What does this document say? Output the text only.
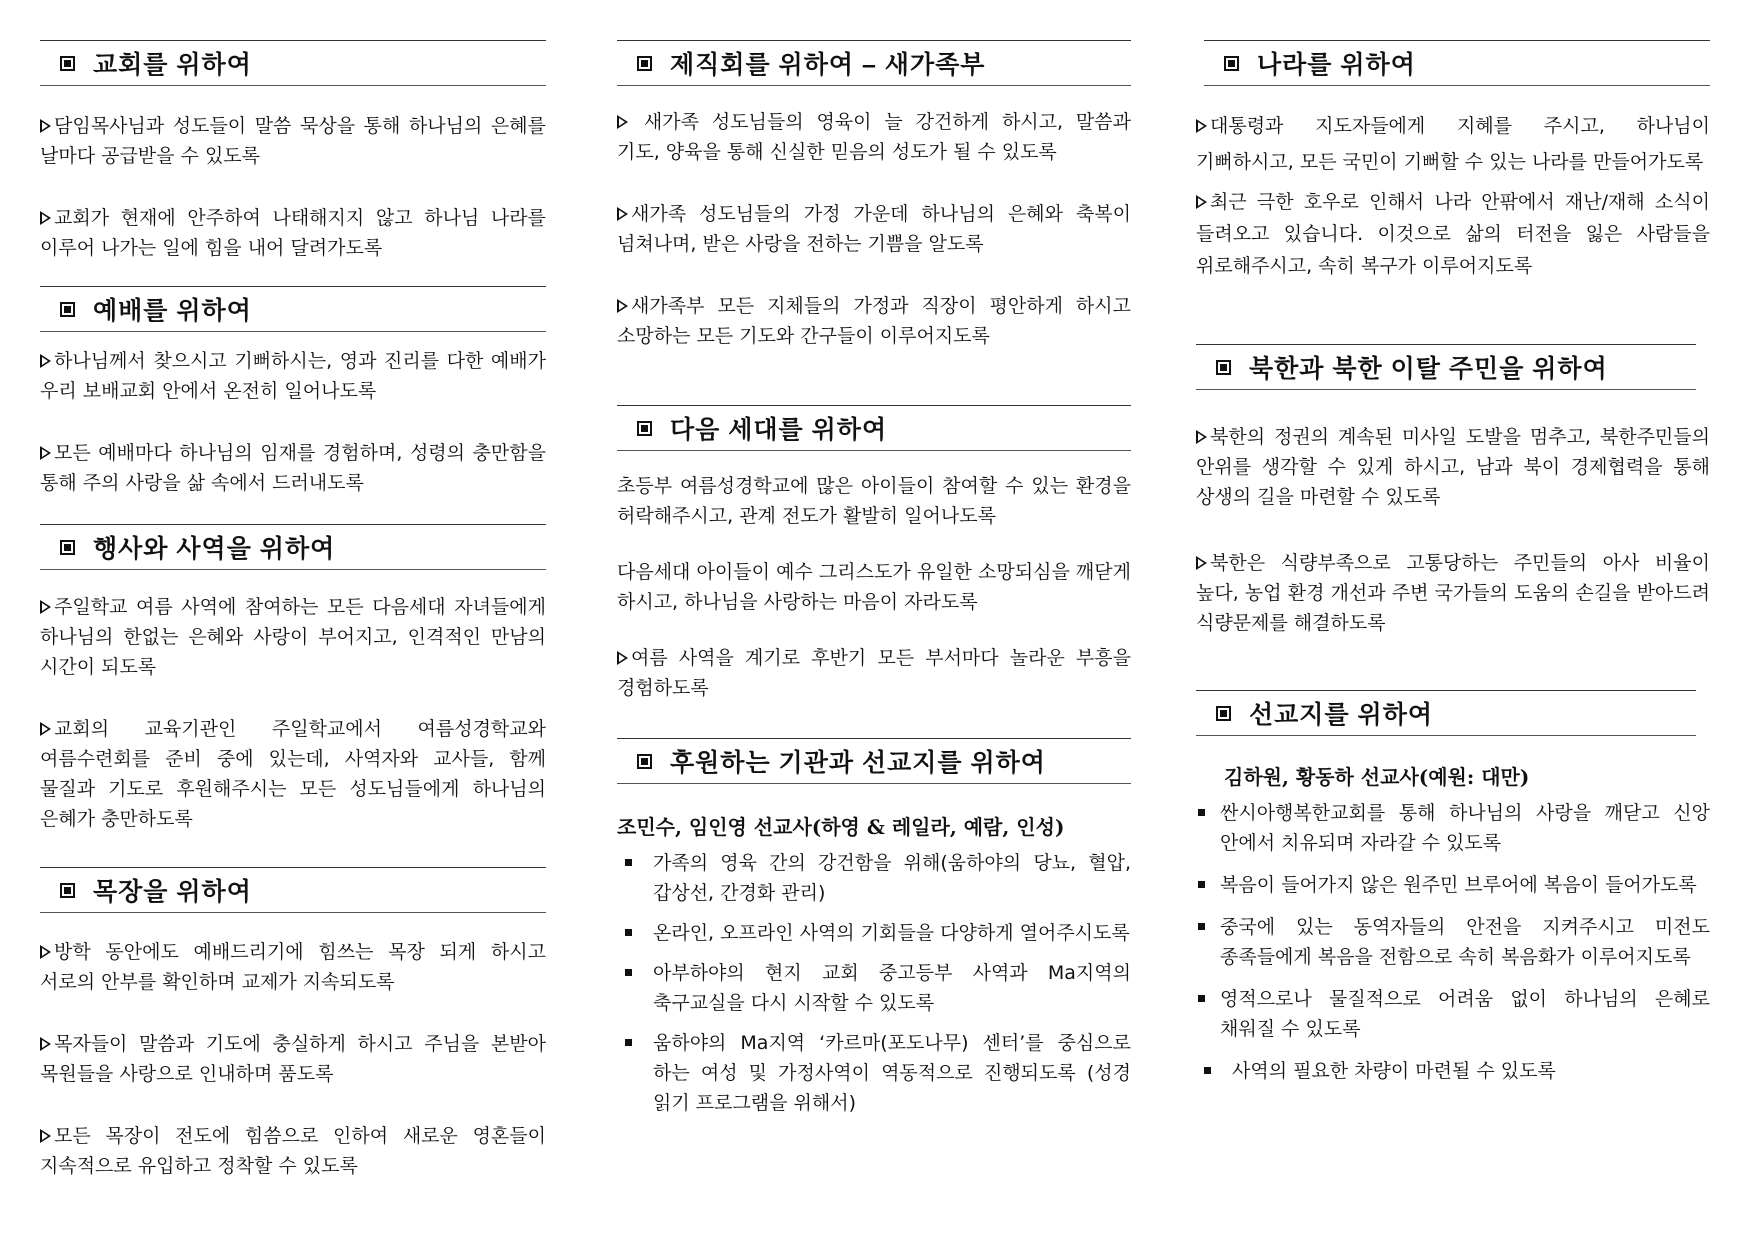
교회를 위하여

담임목사님과 성도들이 말씀 묵상을 통해 하나님의 은혜를 날마다 공급받을 수 있도록

교회가 현재에 안주하여 나태해지지 않고 하나님 나라를 이루어 나가는 일에 힘을 내어 달려가도록

예배를 위하여

하나님께서 찾으시고 기뻐하시는, 영과 진리를 다한 예배가 우리 보배교회 안에서 온전히 일어나도록

모든 예배마다 하나님의 임재를 경험하며, 성령의 충만함을 통해 주의 사랑을 삶 속에서 드러내도록

행사와 사역을 위하여

주일학교 여름 사역에 참여하는 모든 다음세대 자녀들에게 하나님의 한없는 은혜와 사랑이 부어지고, 인격적인 만남의 시간이 되도록

교회의 교육기관인 주일학교에서 여름성경학교와 여름수련회를 준비 중에 있는데, 사역자와 교사들, 함께 물질과 기도로 후원해주시는 모든 성도님들에게 하나님의 은혜가 충만하도록

목장을 위하여

방학 동안에도 예배드리기에 힘쓰는 목장 되게 하시고 서로의 안부를 확인하며 교제가 지속되도록

목자들이 말씀과 기도에 충실하게 하시고 주님을 본받아 목원들을 사랑으로 인내하며 품도록

모든 목장이 전도에 힘씀으로 인하여 새로운 영혼들이 지속적으로 유입하고 정착할 수 있도록

제직회를 위하여 – 새가족부

새가족 성도님들의 영육이 늘 강건하게 하시고, 말씀과 기도, 양육을 통해 신실한 믿음의 성도가 될 수 있도록

새가족 성도님들의 가정 가운데 하나님의 은혜와 축복이 넘쳐나며, 받은 사랑을 전하는 기쁨을 알도록

새가족부 모든 지체들의 가정과 직장이 평안하게 하시고 소망하는 모든 기도와 간구들이 이루어지도록

다음 세대를 위하여

초등부 여름성경학교에 많은 아이들이 참여할 수 있는 환경을 허락해주시고, 관계 전도가 활발히 일어나도록

다음세대 아이들이 예수 그리스도가 유일한 소망되심을 깨닫게 하시고, 하나님을 사랑하는 마음이 자라도록

여름 사역을 계기로 후반기 모든 부서마다 놀라운 부흥을 경험하도록

후원하는 기관과 선교지를 위하여

조민수, 임인영 선교사(하영 & 레일라, 예람, 인성)

가족의 영육 간의 강건함을 위해(움하야의 당뇨, 혈압, 갑상선, 간경화 관리)

온라인, 오프라인 사역의 기회들을 다양하게 열어주시도록

아부하야의 현지 교회 중고등부 사역과 Ma지역의 축구교실을 다시 시작할 수 있도록

움하야의 Ma지역 ‘카르마(포도나무) 센터’를 중심으로 하는 여성 및 가정사역이 역동적으로 진행되도록 (성경 읽기 프로그램을 위해서)

나라를 위하여

대통령과 지도자들에게 지혜를 주시고, 하나님이 기뻐하시고, 모든 국민이 기뻐할 수 있는 나라를 만들어가도록

최근 극한 호우로 인해서 나라 안팎에서 재난/재해 소식이 들려오고 있습니다. 이것으로 삶의 터전을 잃은 사람들을 위로해주시고, 속히 복구가 이루어지도록

북한과 북한 이탈 주민을 위하여

북한의 정권의 계속된 미사일 도발을 멈추고, 북한주민들의 안위를 생각할 수 있게 하시고, 남과 북이 경제협력을 통해 상생의 길을 마련할 수 있도록

북한은 식량부족으로 고통당하는 주민들의 아사 비율이 높다, 농업 환경 개선과 주변 국가들의 도움의 손길을 받아드려 식량문제를 해결하도록

선교지를 위하여

김하원, 황동하 선교사(예원: 대만)

싼시아행복한교회를 통해 하나님의 사랑을 깨닫고 신앙 안에서 치유되며 자라갈 수 있도록

복음이 들어가지 않은 원주민 브루어에 복음이 들어가도록

중국에 있는 동역자들의 안전을 지켜주시고 미전도 종족들에게 복음을 전함으로 속히 복음화가 이루어지도록

영적으로나 물질적으로 어려움 없이 하나님의 은혜로 채워질 수 있도록

사역의 필요한 차량이 마련될 수 있도록
